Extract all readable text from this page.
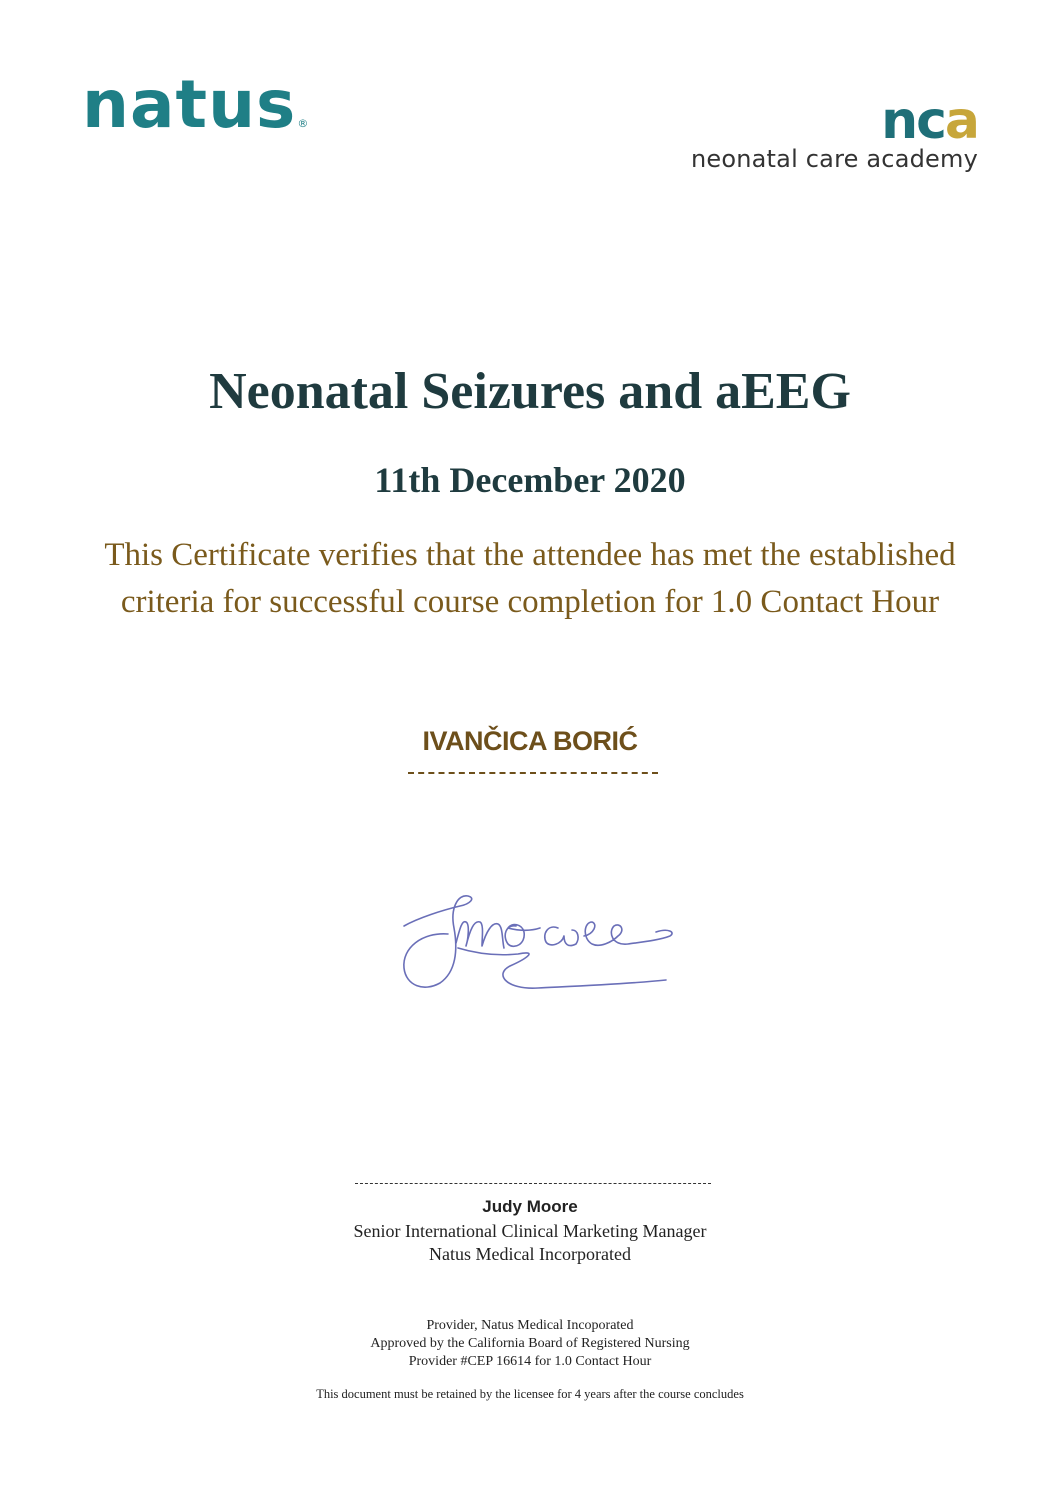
natus®	nca
neonatal care academy
Neonatal Seizures and aEEG
11th December 2020
This Certificate verifies that the attendee has met the established
criteria for successful course completion for 1.0 Contact Hour
IVANČICA BORIĆ
Judy Moore
Senior International Clinical Marketing Manager
Natus Medical Incorporated
Provider, Natus Medical Incoporated
Approved by the California Board of Registered Nursing
Provider #CEP 16614 for 1.0 Contact Hour
This document must be retained by the licensee for 4 years after the course concludes
